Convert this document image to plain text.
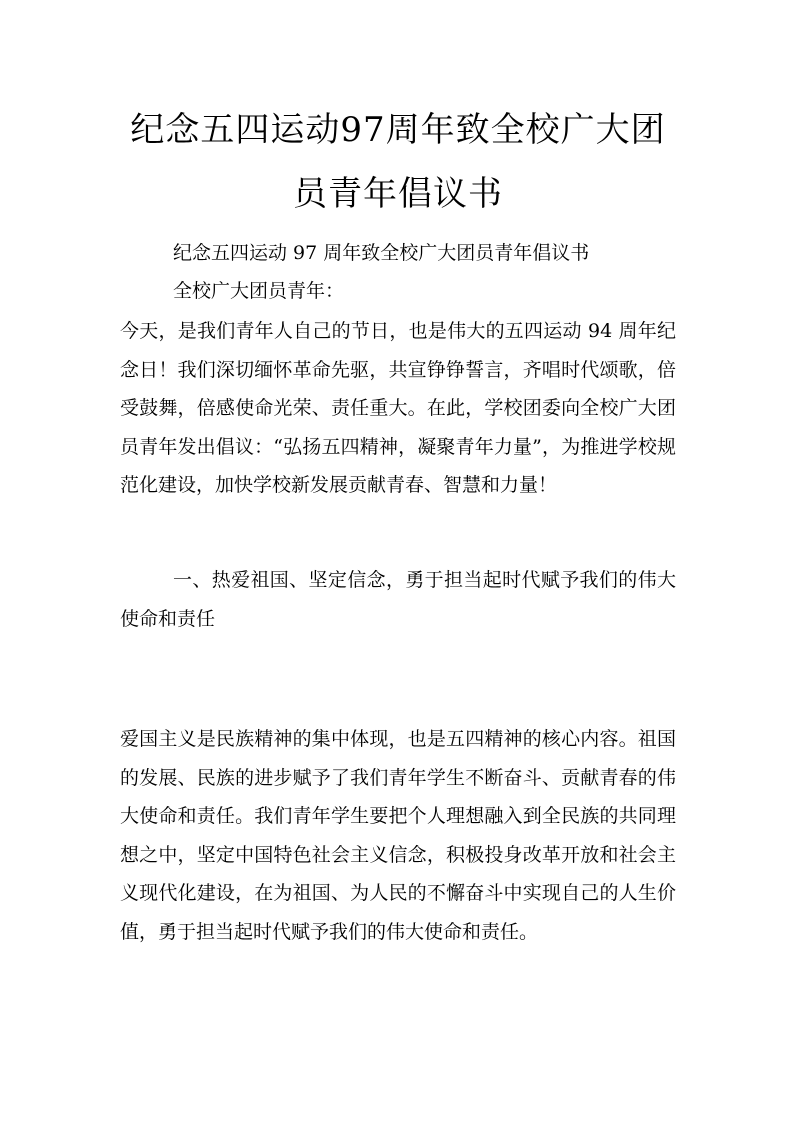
纪念五四运动97周年致全校广大团员青年倡议书

纪念五四运动 97 周年致全校广大团员青年倡议书

全校广大团员青年：

今天，是我们青年人自己的节日，也是伟大的五四运动 94 周年纪念日！我们深切缅怀革命先驱，共宣铮铮誓言，齐唱时代颂歌，倍受鼓舞，倍感使命光荣、责任重大。在此，学校团委向全校广大团员青年发出倡议：“弘扬五四精神，凝聚青年力量”，为推进学校规范化建设，加快学校新发展贡献青春、智慧和力量！

一、热爱祖国、坚定信念，勇于担当起时代赋予我们的伟大使命和责任

爱国主义是民族精神的集中体现，也是五四精神的核心内容。祖国的发展、民族的进步赋予了我们青年学生不断奋斗、贡献青春的伟大使命和责任。我们青年学生要把个人理想融入到全民族的共同理想之中，坚定中国特色社会主义信念，积极投身改革开放和社会主义现代化建设，在为祖国、为人民的不懈奋斗中实现自己的人生价值，勇于担当起时代赋予我们的伟大使命和责任。
